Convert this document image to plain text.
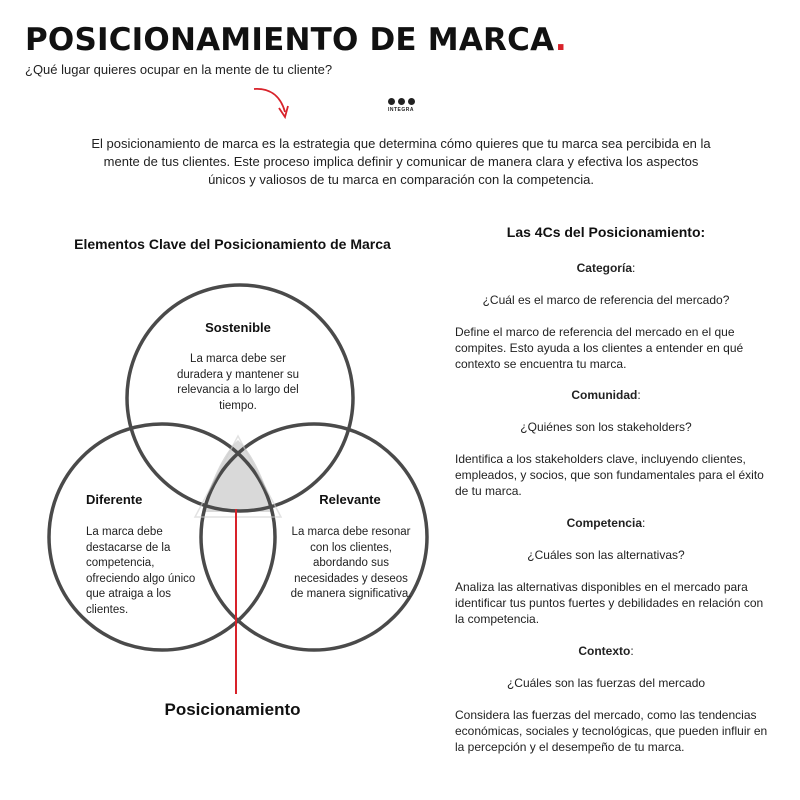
POSICIONAMIENTO DE MARCA.
¿Qué lugar quieres ocupar en la mente de tu cliente?
INTEGRA
El posicionamiento de marca es la estrategia que determina cómo quieres que tu marca sea percibida en la mente de tus clientes. Este proceso implica definir y comunicar de manera clara y efectiva los aspectos únicos y valiosos de tu marca en comparación con la competencia.
Elementos Clave del Posicionamiento de Marca
Sostenible
La marca debe ser duradera y mantener su relevancia a lo largo del tiempo.
Diferente
La marca debe destacarse de la competencia, ofreciendo algo único que atraiga a los clientes.
Relevante
La marca debe resonar con los clientes, abordando sus necesidades y deseos de manera significativa.
Posicionamiento
Las 4Cs del Posicionamiento:
Categoría:
¿Cuál es el marco de referencia del mercado?
Define el marco de referencia del mercado en el que compites. Esto ayuda a los clientes a entender en qué contexto se encuentra tu marca.
Comunidad:
¿Quiénes son los stakeholders?
Identifica a los stakeholders clave, incluyendo clientes, empleados, y socios, que son fundamentales para el éxito de tu marca.
Competencia:
¿Cuáles son las alternativas?
Analiza las alternativas disponibles en el mercado para identificar tus puntos fuertes y debilidades en relación con la competencia.
Contexto:
¿Cuáles son las fuerzas del mercado
Considera las fuerzas del mercado, como las tendencias económicas, sociales y tecnológicas, que pueden influir en la percepción y el desempeño de tu marca.
